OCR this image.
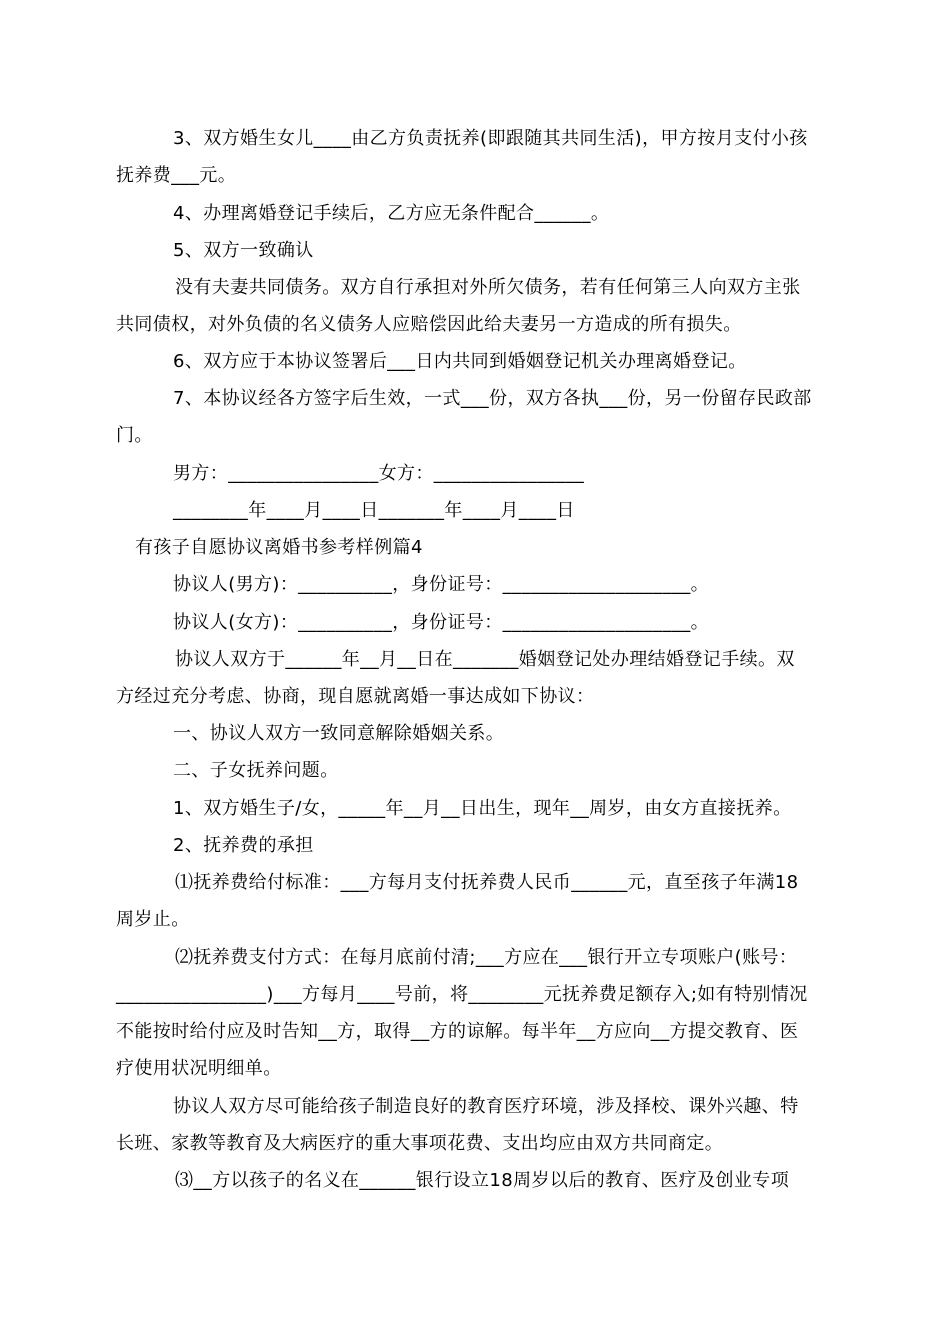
3、双方婚生女儿____由乙方负责抚养(即跟随其共同生活)，甲方按月支付小孩
抚养费___元。
4、办理离婚登记手续后，乙方应无条件配合______。
5、双方一致确认
没有夫妻共同债务。双方自行承担对外所欠债务，若有任何第三人向双方主张
共同债权，对外负债的名义债务人应赔偿因此给夫妻另一方造成的所有损失。
6、双方应于本协议签署后___日内共同到婚姻登记机关办理离婚登记。
7、本协议经各方签字后生效，一式___份，双方各执___份，另一份留存民政部
门。
男方：________________女方：________________
________年____月____日_______年____月____日
有孩子自愿协议离婚书参考样例篇4
协议人(男方)：__________，身份证号：____________________。
协议人(女方)：__________，身份证号：____________________。
协议人双方于______年__月__日在_______婚姻登记处办理结婚登记手续。双
方经过充分考虑、协商，现自愿就离婚一事达成如下协议：
一、协议人双方一致同意解除婚姻关系。
二、子女抚养问题。
1、双方婚生子/女，_____年__月__日出生，现年__周岁，由女方直接抚养。
2、抚养费的承担
⑴抚养费给付标准：___方每月支付抚养费人民币______元，直至孩子年满18
周岁止。
⑵抚养费支付方式：在每月底前付清;___方应在___银行开立专项账户(账号：
________________)___方每月____号前，将________元抚养费足额存入;如有特别情况
不能按时给付应及时告知__方，取得__方的谅解。每半年__方应向__方提交教育、医
疗使用状况明细单。
协议人双方尽可能给孩子制造良好的教育医疗环境，涉及择校、课外兴趣、特
长班、家教等教育及大病医疗的重大事项花费、支出均应由双方共同商定。
⑶__方以孩子的名义在______银行设立18周岁以后的教育、医疗及创业专项
